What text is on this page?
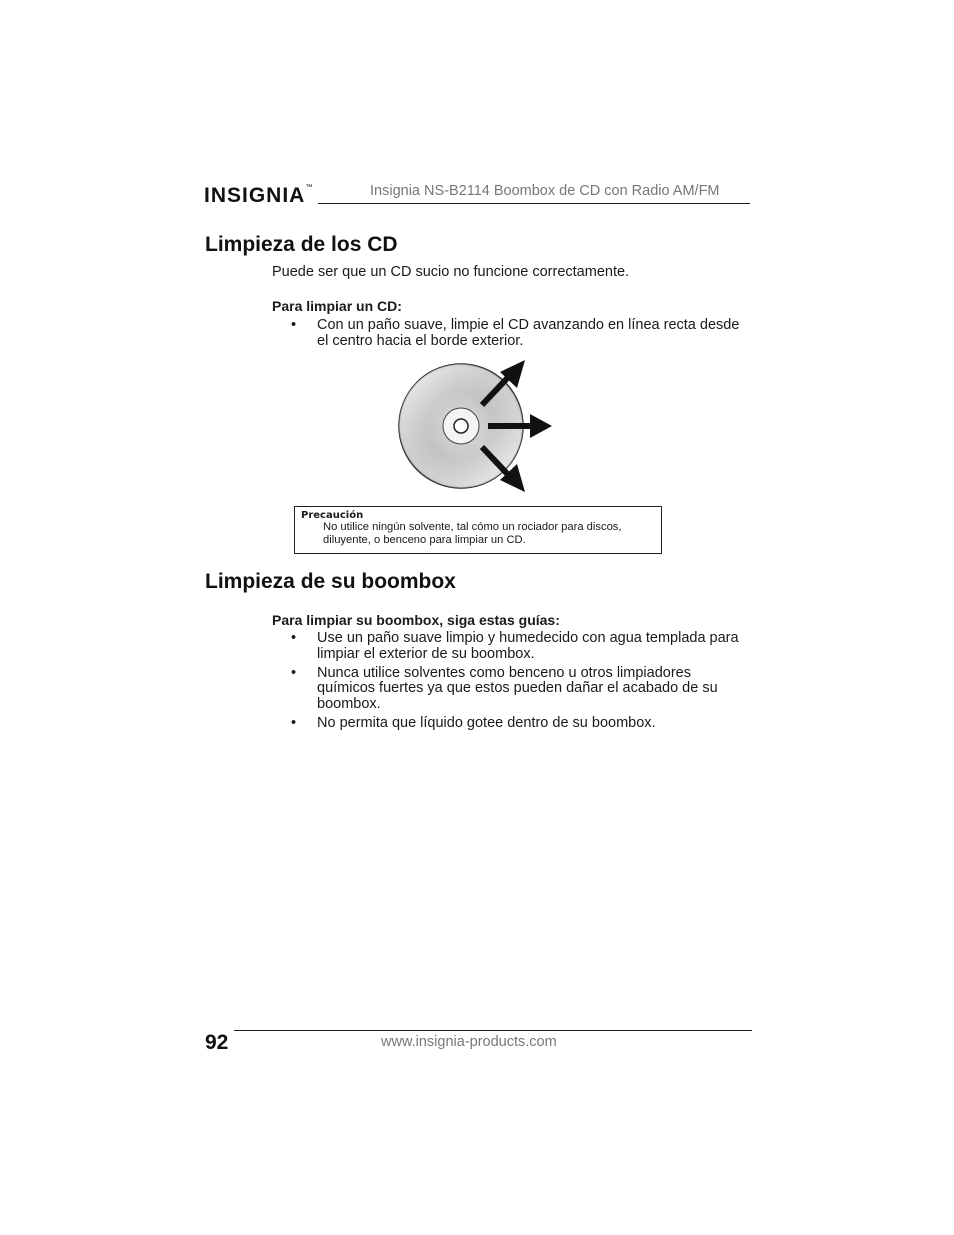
INSIGNIA™	Insignia NS-B2114 Boombox de CD con Radio AM/FM
Limpieza de los CD
Puede ser que un CD sucio no funcione correctamente.
Para limpiar un CD:
• Con un paño suave, limpie el CD avanzando en línea recta desde el centro hacia el borde exterior.
Precaución
No utilice ningún solvente, tal cómo un rociador para discos, diluyente, o benceno para limpiar un CD.
Limpieza de su boombox
Para limpiar su boombox, siga estas guías:
• Use un paño suave limpio y humedecido con agua templada para limpiar el exterior de su boombox.
• Nunca utilice solventes como benceno u otros limpiadores químicos fuertes ya que estos pueden dañar el acabado de su boombox.
• No permita que líquido gotee dentro de su boombox.
92	www.insignia-products.com
